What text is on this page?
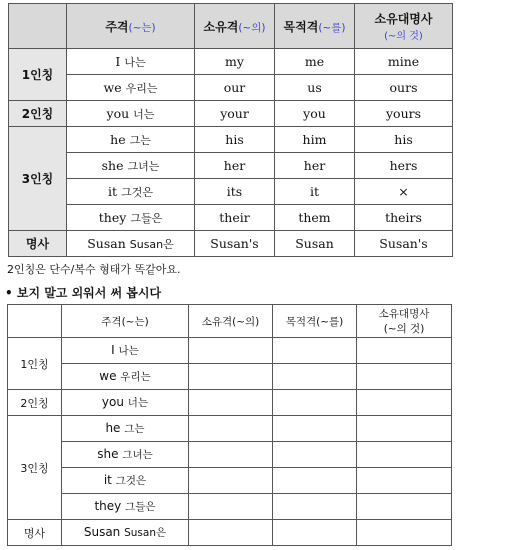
	주격(~는)	소유격(~의)	목적격(~를)	소유대명사
(~의 것)

1인칭	I 나는	my	me	mine
	we 우리는	our	us	ours
2인칭	you 너는	your	you	yours
3인칭	he 그는	his	him	his
	she 그녀는	her	her	hers
	it 그것은	its	it	×
	they 그들은	their	them	theirs
명사	Susan Susan은	Susan's	Susan	Susan's
2인칭은 단수/복수 형태가 똑같아요.
• 보지 말고 외워서 써 봅시다
	주격(~는)	소유격(~의)	목적격(~를)	소유대명사
(~의 것)
1인칭	I 나는			
	we 우리는			
2인칭	you 너는			
3인칭	he 그는			
	she 그녀는			
	it 그것은			
	they 그들은			
명사	Susan Susan은			
